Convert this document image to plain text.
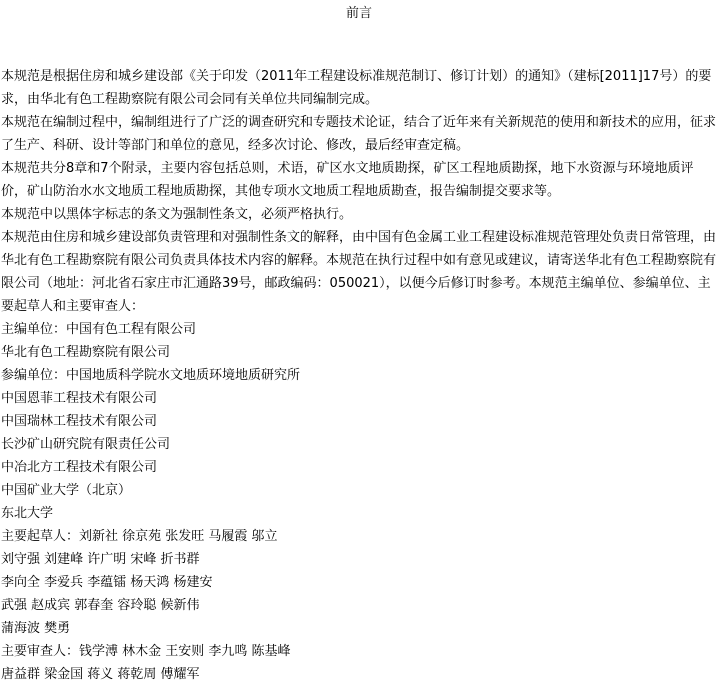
前言

本规范是根据住房和城乡建设部《关于印发（2011年工程建设标准规范制订、修订计划）的通知》（建标[2011]17号）的要求，由华北有色工程勘察院有限公司会同有关单位共同编制完成。

本规范在编制过程中，编制组进行了广泛的调查研究和专题技术论证，结合了近年来有关新规范的使用和新技术的应用，征求了生产、科研、设计等部门和单位的意见，经多次讨论、修改，最后经审查定稿。

本规范共分8章和7个附录，主要内容包括总则，术语，矿区水文地质勘探，矿区工程地质勘探，地下水资源与环境地质评价，矿山防治水水文地质工程地质勘探，其他专项水文地质工程地质勘查，报告编制提交要求等。

本规范中以黑体字标志的条文为强制性条文，必须严格执行。

本规范由住房和城乡建设部负责管理和对强制性条文的解释，由中国有色金属工业工程建设标准规范管理处负责日常管理，由华北有色工程勘察院有限公司负责具体技术内容的解释。本规范在执行过程中如有意见或建议，请寄送华北有色工程勘察院有限公司（地址：河北省石家庄市汇通路39号，邮政编码：050021），以便今后修订时参考。本规范主编单位、参编单位、主要起草人和主要审查人：

主编单位：中国有色工程有限公司

华北有色工程勘察院有限公司

参编单位：中国地质科学院水文地质环境地质研究所

中国恩菲工程技术有限公司

中国瑞林工程技术有限公司

长沙矿山研究院有限责任公司

中冶北方工程技术有限公司

中国矿业大学（北京）

东北大学

主要起草人：刘新社 徐京苑 张发旺 马履霞 邬立

刘守强 刘建峰 许广明 宋峰 折书群

李向全 李爱兵 李蕴镭 杨天鸿 杨建安

武强 赵成宾 郭春奎 容玲聪 候新伟

蒲海波 樊勇

主要审查人：钱学溥 林木金 王安则 李九鸣 陈基峰

唐益群 梁金国 蒋义 蒋乾周 傅耀军
